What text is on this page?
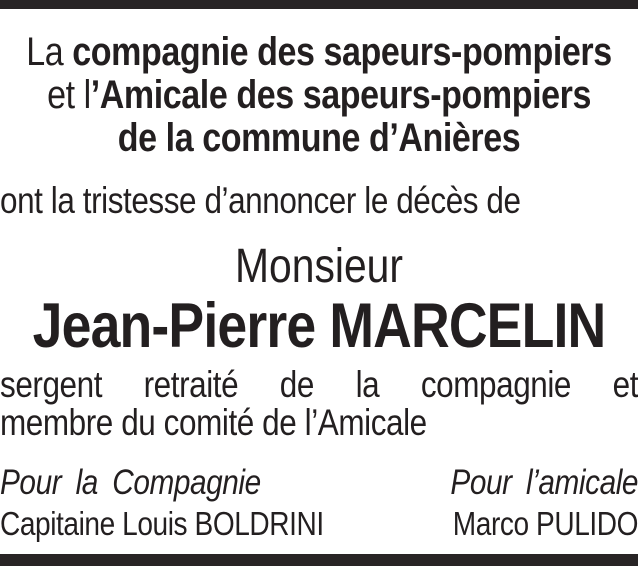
La compagnie des sapeurs-pompiers
et l’Amicale des sapeurs-pompiers
de la commune d’Anières

ont la tristesse d’annoncer le décès de

Monsieur

Jean-Pierre MARCELIN

sergent retraité de la compagnie et

membre du comité de l’Amicale

Pour la Compagnie
Capitaine Louis BOLDRINI
Pour l’amicale
Marco PULIDO
